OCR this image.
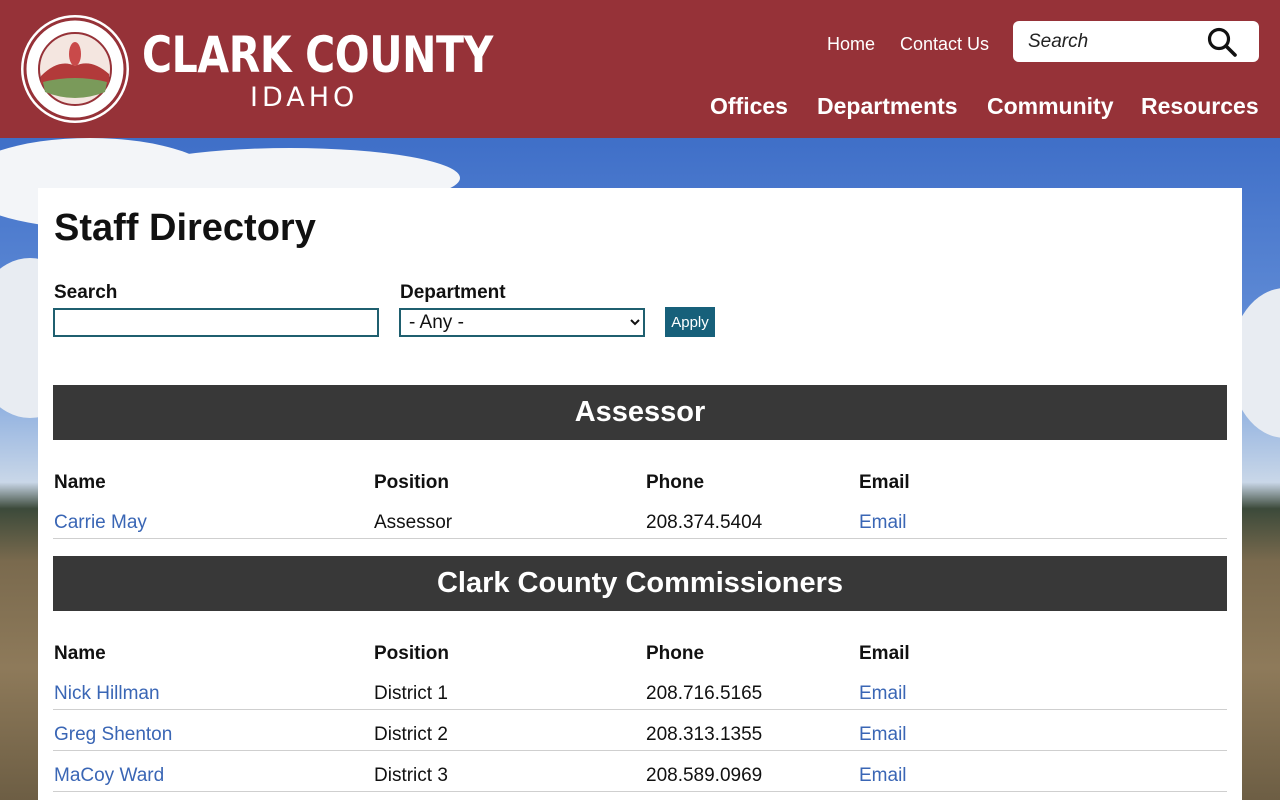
CLARK COUNTY
IDAHO
Home Contact Us
Search
Offices Departments Community Resources
Staff Directory
Search	Department
- Any -
Apply
Assessor
Name	Position	Phone	Email
Carrie May	Assessor	208.374.5404	Email
Clark County Commissioners
Name	Position	Phone	Email
Nick Hillman	District 1	208.716.5165	Email
Greg Shenton	District 2	208.313.1355	Email
MaCoy Ward	District 3	208.589.0969	Email
